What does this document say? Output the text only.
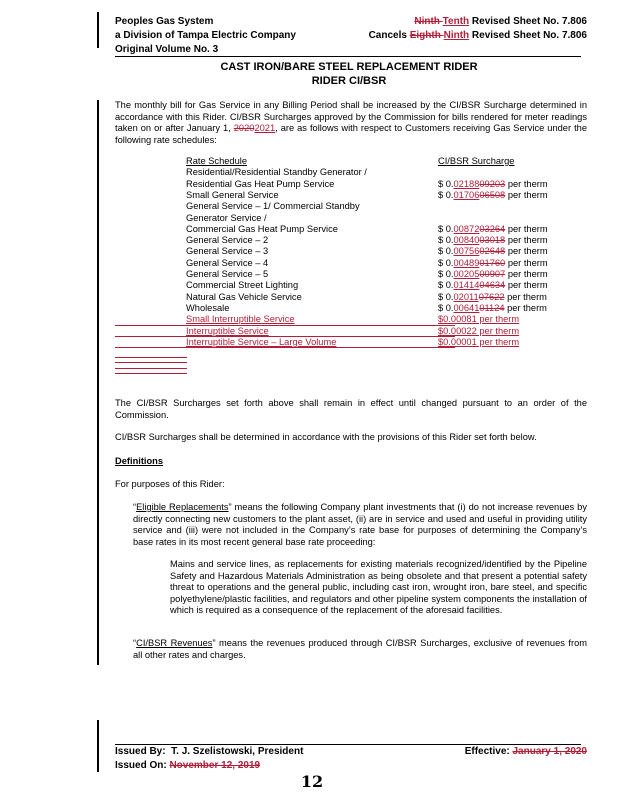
Peoples Gas System
a Division of Tampa Electric Company
Original Volume No. 3
Ninth Tenth Revised Sheet No. 7.806
Cancels Eighth Ninth Revised Sheet No. 7.806
CAST IRON/BARE STEEL REPLACEMENT RIDER
RIDER CI/BSR
The monthly bill for Gas Service in any Billing Period shall be increased by the CI/BSR Surcharge determined in accordance with this Rider. CI/BSR Surcharges approved by the Commission for bills rendered for meter readings taken on or after January 1, 20202021, are as follows with respect to Customers receiving Gas Service under the following rate schedules:
Rate Schedule	CI/BSR Surcharge
Residential/Residential Standby Generator /
Residential Gas Heat Pump Service	$ 0.0218809203 per therm
Small General Service	$ 0.0170606508 per therm
General Service – 1/ Commercial Standby
Generator Service /
Commercial Gas Heat Pump Service	$ 0.0087203264 per therm
General Service – 2	$ 0.0084003018 per therm
General Service – 3	$ 0.0075602648 per therm
General Service – 4	$ 0.0048901760 per therm
General Service – 5	$ 0.0020500907 per therm
Commercial Street Lighting	$ 0.0141404634 per therm
Natural Gas Vehicle Service	$ 0.0201107622 per therm
Wholesale	$ 0.0064101124 per therm
Small Interruptible Service	$0.00081 per therm
Interruptible Service	$0.00022 per therm
Interruptible Service – Large Volume	$0.00001 per therm
The CI/BSR Surcharges set forth above shall remain in effect until changed pursuant to an order of the Commission.
CI/BSR Surcharges shall be determined in accordance with the provisions of this Rider set forth below.
Definitions
For purposes of this Rider:
“Eligible Replacements” means the following Company plant investments that (i) do not increase revenues by directly connecting new customers to the plant asset, (ii) are in service and used and useful in providing utility service and (iii) were not included in the Company’s rate base for purposes of determining the Company’s base rates in its most recent general base rate proceeding:
Mains and service lines, as replacements for existing materials recognized/identified by the Pipeline Safety and Hazardous Materials Administration as being obsolete and that present a potential safety threat to operations and the general public, including cast iron, wrought iron, bare steel, and specific polyethylene/plastic facilities, and regulators and other pipeline system components the installation of which is required as a consequence of the replacement of the aforesaid facilities.
“CI/BSR Revenues” means the revenues produced through CI/BSR Surcharges, exclusive of revenues from all other rates and charges.
Issued By:  T. J. Szelistowski, President	Effective: January 1, 2020
Issued On: November 12, 2019
12
